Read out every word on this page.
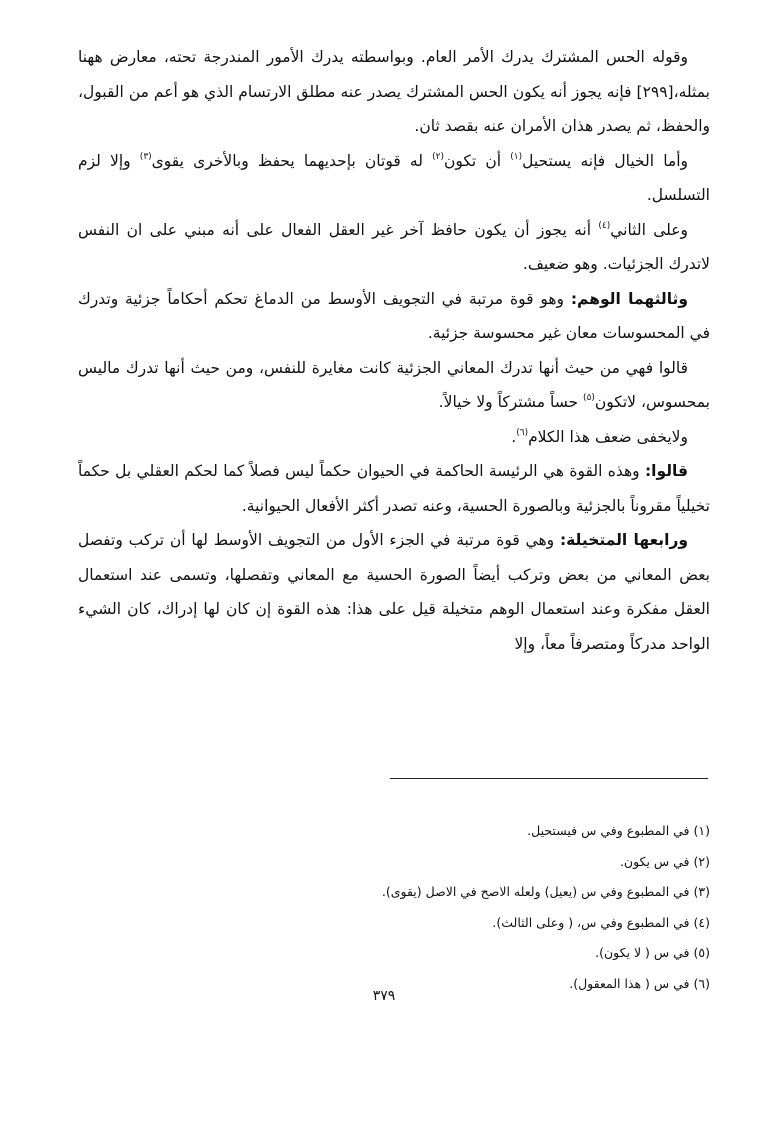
وقوله الحس المشترك يدرك الأمر العام. وبواسطته يدرك الأمور المندرجة تحته، معارض ههنا بمثله،[٢٩٩] فإنه يجوز أنه يكون الحس المشترك يصدر عنه مطلق الارتسام الذي هو أعم من القبول، والحفظ، ثم يصدر هذان الأمران عنه بقصد ثان.

وأما الخيال فإنه يستحيل$^{(١)}$ أن تكون$^{(٢)}$ له قوتان بإحديهما يحفظ وبالأخرى يقوى$^{(٣)}$ وإلا لزم التسلسل.

وعلى الثاني$^{(٤)}$ أنه يجوز أن يكون حافظ آخر غير العقل الفعال على أنه مبني على ان النفس لاتدرك الجزئيات. وهو ضعيف.

وثالثهما الوهم: وهو قوة مرتبة في التجويف الأوسط من الدماغ تحكم أحكاماً جزئية وتدرك في المحسوسات معان غير محسوسة جزئية.

قالوا فهي من حيث أنها تدرك المعاني الجزئية كانت مغايرة للنفس، ومن حيث أنها تدرك ماليس بمحسوس، لاتكون$^{(٥)}$ حساً مشتركاً ولا خيالاً.

ولايخفى ضعف هذا الكلام$^{(٦)}$.

قالوا: وهذه القوة هي الرئيسة الحاكمة في الحيوان حكماً ليس فصلاً كما لحكم العقلي بل حكماً تخيلياً مقروناً بالجزئية وبالصورة الحسية، وعنه تصدر أكثر الأفعال الحيوانية.

ورابعها المتخيلة: وهي قوة مرتبة في الجزء الأول من التجويف الأوسط لها أن تركب وتفصل بعض المعاني من بعض وتركب أيضاً الصورة الحسية مع المعاني وتفصلها، وتسمى عند استعمال العقل مفكرة وعند استعمال الوهم متخيلة قيل على هذا: هذه القوة إن كان لها إدراك، كان الشيء الواحد مدركاً ومتصرفاً معاً، وإلا

(١) في المطبوع وفي س فيستحيل.

(٢) في س يكون.

(٣) في المطبوع وفي س (يعيل) ولعله الاصح في الاصل (يقوى).

(٤) في المطبوع وفي س، ( وعلى الثالث).

(٥) في س ( لا يكون).

(٦) في س ( هذا المعقول).

٣٧٩
